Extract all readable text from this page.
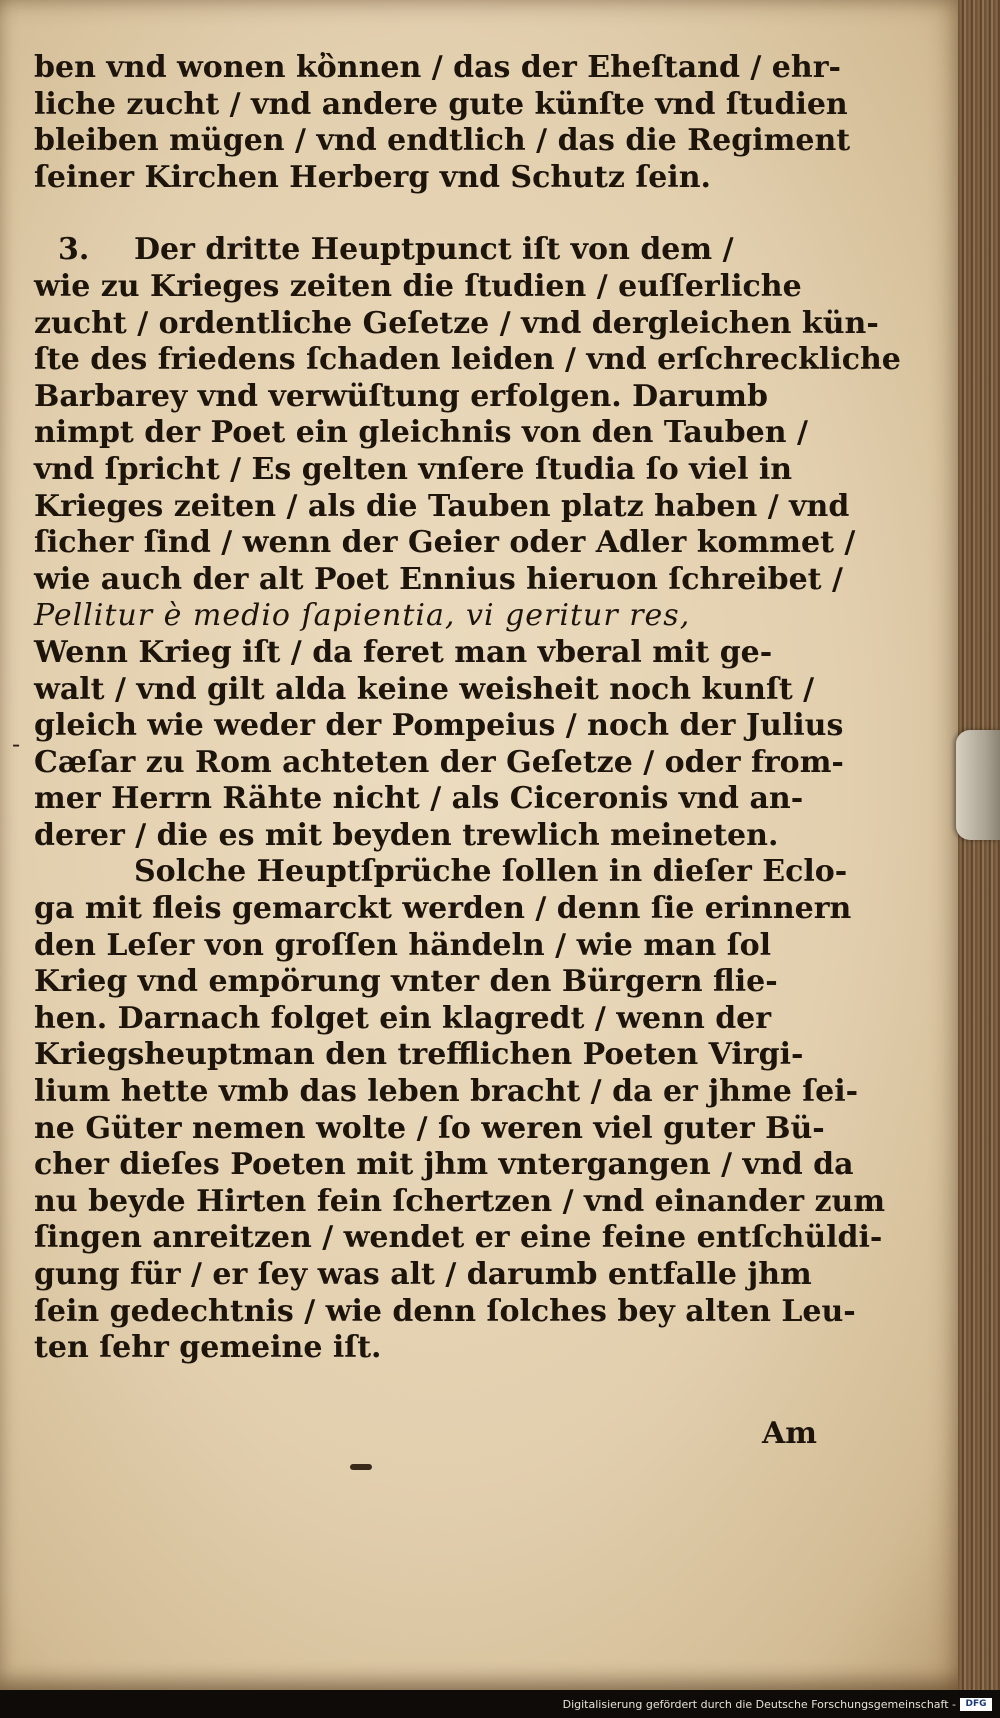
-
ben vnd wonen kὂnnen / das der Eheſtand / ehr-
liche zucht / vnd andere gute künſte vnd ſtudien
bleiben mügen / vnd endtlich / das die Regiment
ſeiner Kirchen Herberg vnd Schutz ſein.
3. Der dritte Heuptpunct iſt von dem /
wie zu Krieges zeiten die ſtudien / euſſerliche
zucht / ordentliche Geſetze / vnd dergleichen kün-
ſte des friedens ſchaden leiden / vnd erſchreckliche
Barbarey vnd verwüſtung erfolgen. Darumb
nimpt der Poet ein gleichnis von den Tauben /
vnd ſpricht / Es gelten vnſere ſtudia ſo viel in
Krieges zeiten / als die Tauben platz haben / vnd
ſicher ſind / wenn der Geier oder Adler kommet /
wie auch der alt Poet Ennius hieruon ſchreibet /
Pellitur è medio ſapientia, vi geritur res,
Wenn Krieg iſt / da feret man vberal mit ge-
walt / vnd gilt alda keine weisheit noch kunſt /
gleich wie weder der Pompeius / noch der Julius
Cæſar zu Rom achteten der Geſetze / oder from-
mer Herrn Rähte nicht / als Ciceronis vnd an-
derer / die es mit beyden trewlich meineten.
Solche Heuptſprüche ſollen in dieſer Eclo-
ga mit fleis gemarckt werden / denn ſie erinnern
den Leſer von groſſen händeln / wie man ſol
Krieg vnd empörung vnter den Bürgern flie-
hen. Darnach folget ein klagredt / wenn der
Kriegsheuptman den trefflichen Poeten Virgi-
lium hette vmb das leben bracht / da er jhme ſei-
ne Güter nemen wolte / ſo weren viel guter Bü-
cher dieſes Poeten mit jhm vntergangen / vnd da
nu beyde Hirten fein ſchertzen / vnd einander zum
ſingen anreitzen / wendet er eine feine entſchüldi-
gung für / er ſey was alt / darumb entfalle jhm
ſein gedechtnis / wie denn ſolches bey alten Leu-
ten ſehr gemeine iſt.
Am
Digitalisierung gefördert durch die Deutsche Forschungsgemeinschaft -	DFG
